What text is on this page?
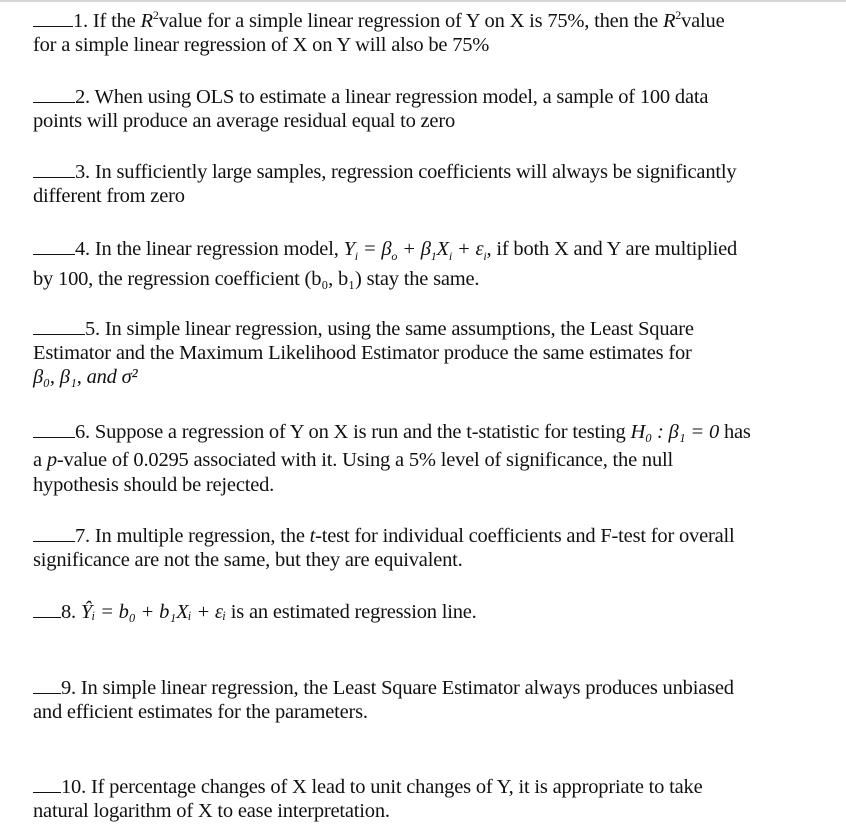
1. If the $R^2value$ for a simple linear regression of Y on X is 75%, then the $R^2value$
for a simple linear regression of X on Y will also be 75%
2. When using OLS to estimate a linear regression model, a sample of 100 data
points will produce an average residual equal to zero
3. In sufficiently large samples, regression coefficients will always be significantly
different from zero
4. In the linear regression model, $Y_i = \beta_o + \beta_1X_i + \varepsilon_i$, if both X and Y are multiplied
by 100, the regression coefficient (b₀, b₁) stay the same.
5. In simple linear regression, using the same assumptions, the Least Square
Estimator and the Maximum Likelihood Estimator produce the same estimates for
β₀, β₁, and σ²
6. Suppose a regression of Y on X is run and the t-statistic for testing H₀ : β₁ = 0 has
a p-value of 0.0295 associated with it. Using a 5% level of significance, the null
hypothesis should be rejected.
7. In multiple regression, the t-test for individual coefficients and F-test for overall
significance are not the same, but they are equivalent.
8. Ŷᵢ = b₀ + b₁Xᵢ + εᵢ is an estimated regression line.
9. In simple linear regression, the Least Square Estimator always produces unbiased
and efficient estimates for the parameters.
10. If percentage changes of X lead to unit changes of Y, it is appropriate to take
natural logarithm of X to ease interpretation.
